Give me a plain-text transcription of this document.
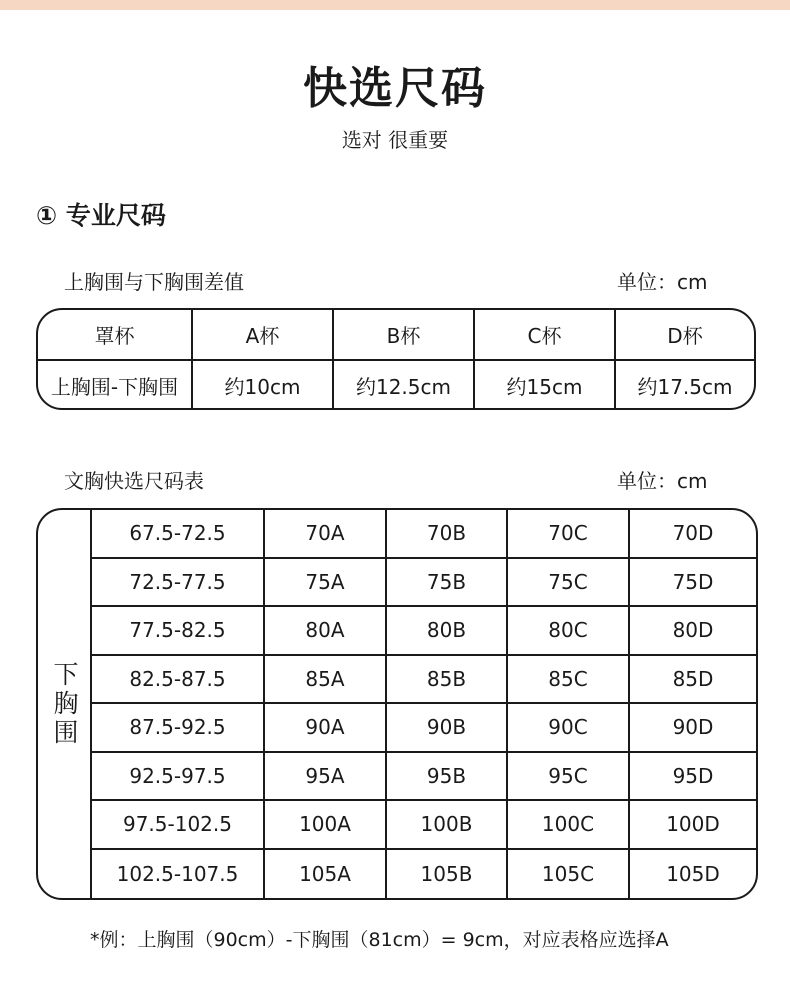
快选尺码
选对 很重要
① 专业尺码
上胸围与下胸围差值	单位：cm
罩杯	A杯	B杯	C杯	D杯
上胸围-下胸围	约10cm	约12.5cm	约15cm	约17.5cm
文胸快选尺码表	单位：cm
下胸围
67.5-72.5	70A	70B	70C	70D
72.5-77.5	75A	75B	75C	75D
77.5-82.5	80A	80B	80C	80D
82.5-87.5	85A	85B	85C	85D
87.5-92.5	90A	90B	90C	90D
92.5-97.5	95A	95B	95C	95D
97.5-102.5	100A	100B	100C	100D
102.5-107.5	105A	105B	105C	105D
*例：上胸围（90cm）-下胸围（81cm）= 9cm，对应表格应选择A
